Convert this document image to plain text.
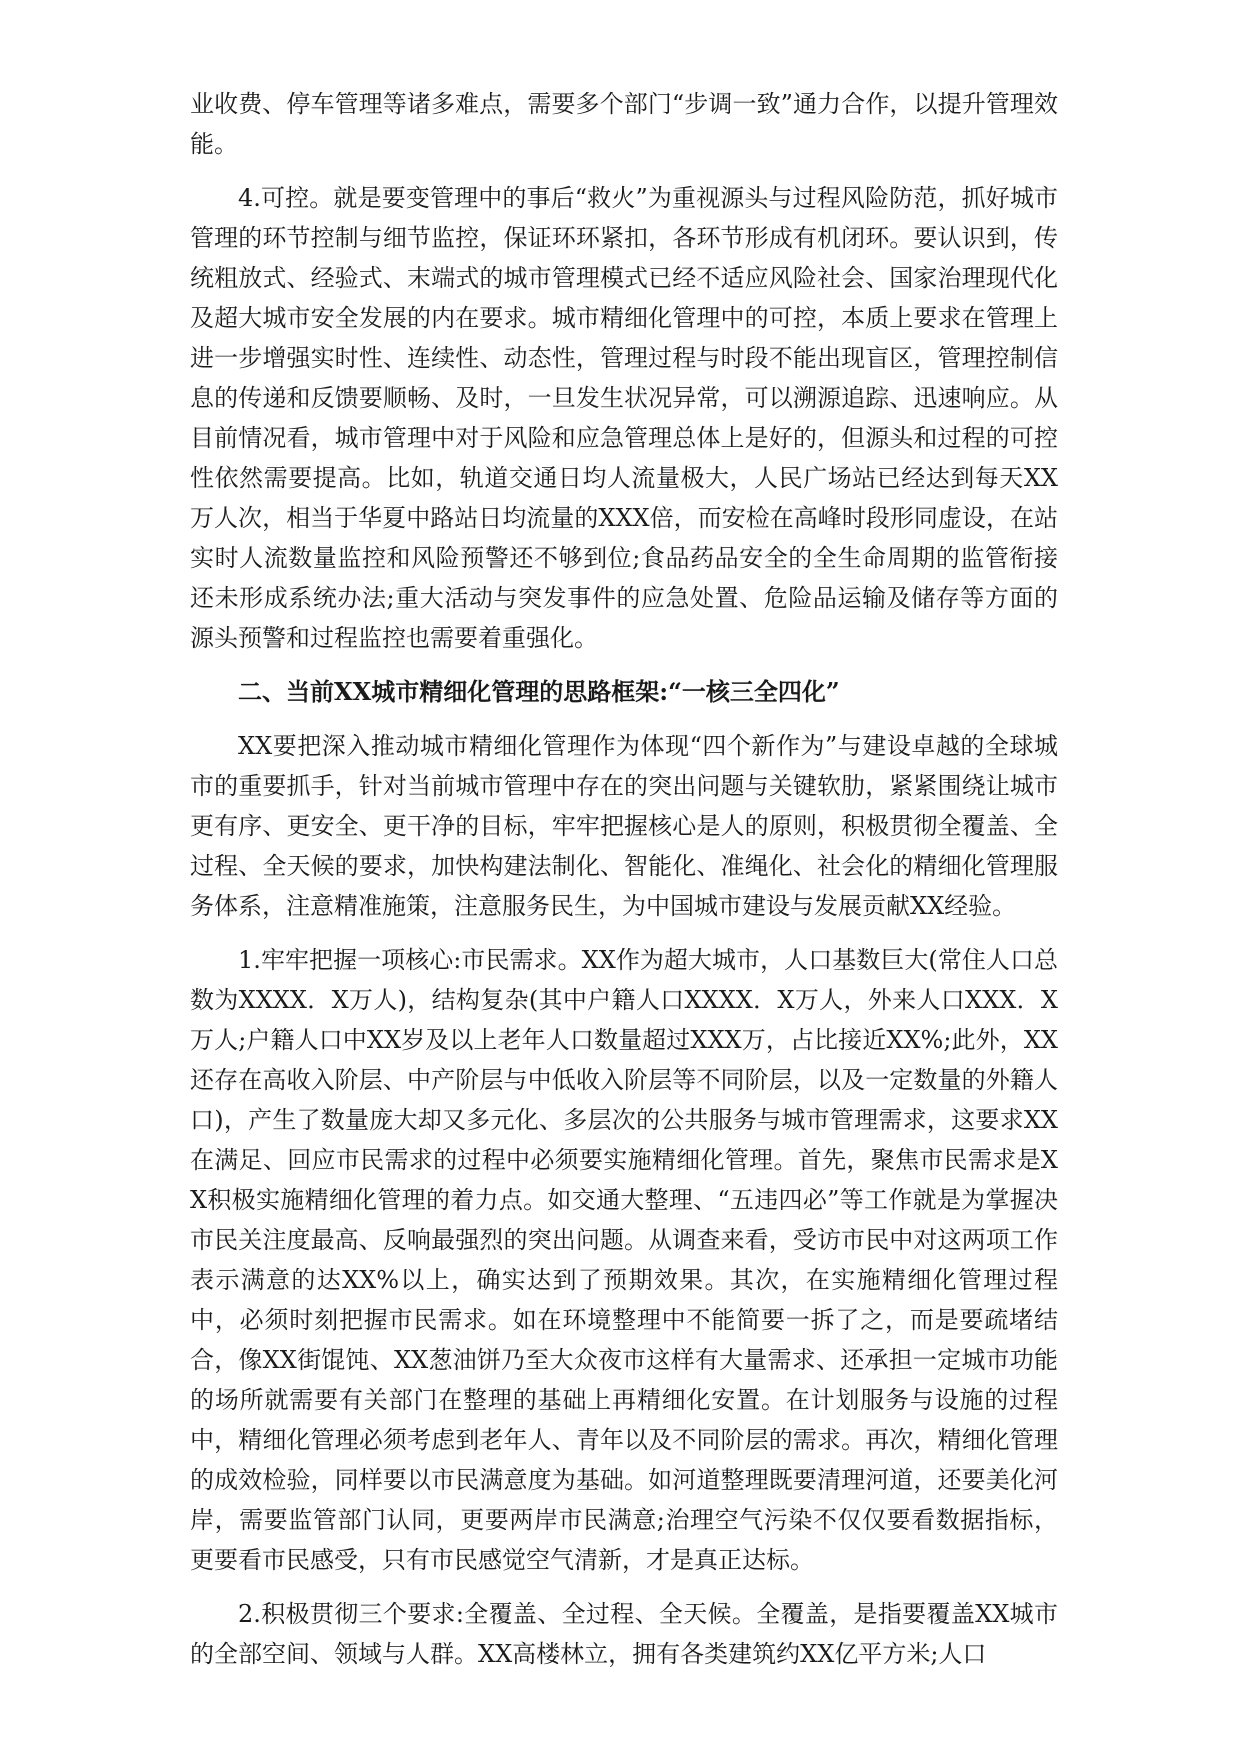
业收费、停车管理等诸多难点，需要多个部门“步调一致”通力合作，以提升管理效能。

4.可控。就是要变管理中的事后“救火”为重视源头与过程风险防范，抓好城市管理的环节控制与细节监控，保证环环紧扣，各环节形成有机闭环。要认识到，传统粗放式、经验式、末端式的城市管理模式已经不适应风险社会、国家治理现代化及超大城市安全发展的内在要求。城市精细化管理中的可控，本质上要求在管理上进一步增强实时性、连续性、动态性，管理过程与时段不能出现盲区，管理控制信息的传递和反馈要顺畅、及时，一旦发生状况异常，可以溯源追踪、迅速响应。从目前情况看，城市管理中对于风险和应急管理总体上是好的，但源头和过程的可控性依然需要提高。比如，轨道交通日均人流量极大，人民广场站已经达到每天XX万人次，相当于华夏中路站日均流量的XXX倍，而安检在高峰时段形同虚设，在站实时人流数量监控和风险预警还不够到位;食品药品安全的全生命周期的监管衔接还未形成系统办法;重大活动与突发事件的应急处置、危险品运输及储存等方面的源头预警和过程监控也需要着重强化。

二、当前XX城市精细化管理的思路框架:“一核三全四化”

XX要把深入推动城市精细化管理作为体现“四个新作为”与建设卓越的全球城市的重要抓手，针对当前城市管理中存在的突出问题与关键软肋，紧紧围绕让城市更有序、更安全、更干净的目标，牢牢把握核心是人的原则，积极贯彻全覆盖、全过程、全天候的要求，加快构建法制化、智能化、准绳化、社会化的精细化管理服务体系，注意精准施策，注意服务民生，为中国城市建设与发展贡献XX经验。

1.牢牢把握一项核心:市民需求。XX作为超大城市，人口基数巨大(常住人口总数为XXXX．X万人)，结构复杂(其中户籍人口XXXX．X万人，外来人口XXX．X万人;户籍人口中XX岁及以上老年人口数量超过XXX万，占比接近XX%;此外，XX还存在高收入阶层、中产阶层与中低收入阶层等不同阶层，以及一定数量的外籍人口)，产生了数量庞大却又多元化、多层次的公共服务与城市管理需求，这要求XX在满足、回应市民需求的过程中必须要实施精细化管理。首先，聚焦市民需求是XX积极实施精细化管理的着力点。如交通大整理、“五违四必”等工作就是为掌握决市民关注度最高、反响最强烈的突出问题。从调查来看，受访市民中对这两项工作表示满意的达XX%以上，确实达到了预期效果。其次，在实施精细化管理过程中，必须时刻把握市民需求。如在环境整理中不能简要一拆了之，而是要疏堵结合，像XX街馄饨、XX葱油饼乃至大众夜市这样有大量需求、还承担一定城市功能的场所就需要有关部门在整理的基础上再精细化安置。在计划服务与设施的过程中，精细化管理必须考虑到老年人、青年以及不同阶层的需求。再次，精细化管理的成效检验，同样要以市民满意度为基础。如河道整理既要清理河道，还要美化河岸，需要监管部门认同，更要两岸市民满意;治理空气污染不仅仅要看数据指标，更要看市民感受，只有市民感觉空气清新，才是真正达标。

2.积极贯彻三个要求:全覆盖、全过程、全天候。全覆盖，是指要覆盖XX城市的全部空间、领域与人群。XX高楼林立，拥有各类建筑约XX亿平方米;人口
